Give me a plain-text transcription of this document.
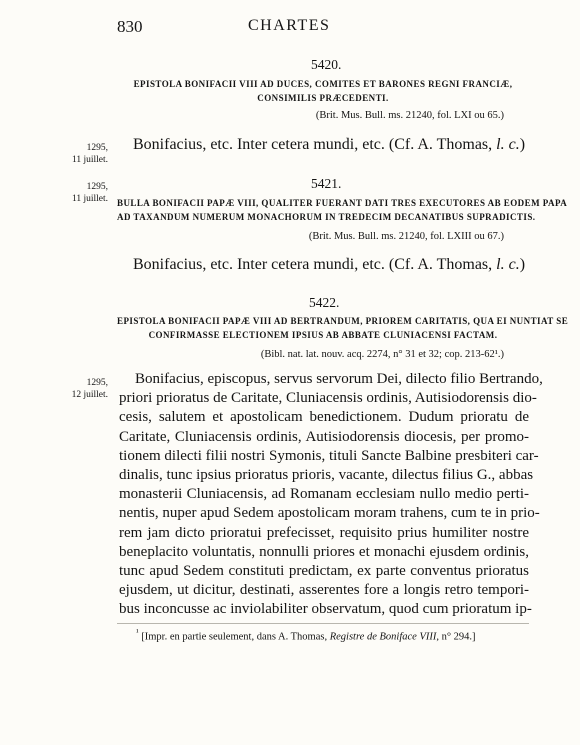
830	CHARTES
5420.
EPISTOLA BONIFACII VIII AD DUCES, COMITES ET BARONES REGNI FRANCIÆ,
CONSIMILIS PRÆCEDENTI.
(Brit. Mus. Bull. ms. 21240, fol. LXI ou 65.)
Bonifacius, etc. Inter cetera mundi, etc. (Cf. A. Thomas, l. c.)
1295,
11 juillet.
5421.
1295,
11 juillet. BULLA BONIFACII PAPÆ VIII, QUALITER FUERANT DATI TRES EXECUTORES AB EODEM PAPA
AD TAXANDUM NUMERUM MONACHORUM IN TREDECIM DECANATIBUS SUPRADICTIS.
(Brit. Mus. Bull. ms. 21240, fol. LXIII ou 67.)
Bonifacius, etc. Inter cetera mundi, etc. (Cf. A. Thomas, l. c.)
5422.
EPISTOLA BONIFACII PAPÆ VIII AD BERTRANDUM, PRIOREM CARITATIS, QUA EI NUNTIAT SE
CONFIRMASSE ELECTIONEM IPSIUS AB ABBATE CLUNIACENSI FACTAM.
(Bibl. nat. lat. nouv. acq. 2274, n° 31 et 32; cop. 213-62¹.)
1295,
12 juillet.
Bonifacius, episcopus, servus servorum Dei, dilecto filio Bertrando,
priori prioratus de Caritate, Cluniacensis ordinis, Autisiodorensis dio-
cesis, salutem et apostolicam benedictionem. Dudum prioratu de
Caritate, Cluniacensis ordinis, Autisiodorensis diocesis, per promo-
tionem dilecti filii nostri Symonis, tituli Sancte Balbine presbiteri car-
dinalis, tunc ipsius prioratus prioris, vacante, dilectus filius G., abbas
monasterii Cluniacensis, ad Romanam ecclesiam nullo medio perti-
nentis, nuper apud Sedem apostolicam moram trahens, cum te in prio-
rem jam dicto prioratui prefecisset, requisito prius humiliter nostre
beneplacito voluntatis, nonnulli priores et monachi ejusdem ordinis,
tunc apud Sedem constituti predictam, ex parte conventus prioratus
ejusdem, ut dicitur, destinati, asserentes fore a longis retro tempori-
bus inconcusse ac inviolabiliter observatum, quod cum prioratum ip-
$^{^1}$ [Impr. en partie seulement, dans A. Thomas, Registre de Boniface VIII, n° 294.]
